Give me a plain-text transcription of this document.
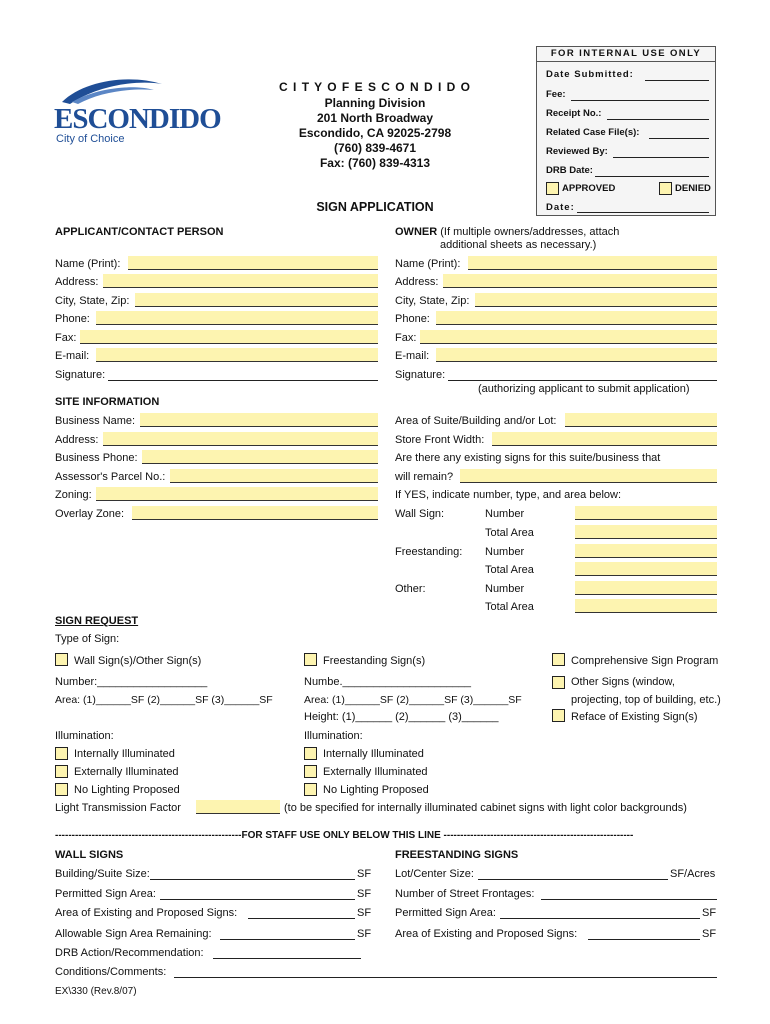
FOR INTERNAL USE ONLY
Date Submitted:
Fee:
Receipt No.:
Related Case File(s):
Reviewed By:
DRB Date:
APPROVED	DENIED
Date:
ESCONDIDO
City of Choice
C I T Y O F E S C O N D I D O
Planning Division
201 North Broadway
Escondido, CA 92025-2798
(760) 839-4671
Fax: (760) 839-4313
SIGN APPLICATION
APPLICANT/CONTACT PERSON	OWNER (If multiple owners/addresses, attach
additional sheets as necessary.)
Name (Print):
Address:
City, State, Zip:
Phone:
Fax:
E-mail:
Signature:
Name (Print):
Address:
City, State, Zip:
Phone:
Fax:
E-mail:
Signature:
(authorizing applicant to submit application)
SITE INFORMATION
Business Name:
Address:
Business Phone:
Assessor's Parcel No.:
Zoning:
Overlay Zone:
Area of Suite/Building and/or Lot:
Store Front Width:
Are there any existing signs for this suite/business that
will remain?
If YES, indicate number, type, and area below:
Wall Sign:	Number
Total Area
Freestanding: Number
Total Area
Other:	Number
Total Area
SIGN REQUEST
Type of Sign:
Wall Sign(s)/Other Sign(s)	Freestanding Sign(s)	Comprehensive Sign Program
Number:__________________
Area: (1)______SF (2)______SF (3)______SF
Numbe._____________________
Area: (1)______SF (2)______SF (3)______SF
Height: (1)______ (2)______ (3)______
Other Signs (window,
projecting, top of building, etc.)
Reface of Existing Sign(s)
Illumination:
Internally Illuminated
Externally Illuminated
No Lighting Proposed
Illumination:
Internally Illuminated
Externally Illuminated
No Lighting Proposed
Light Transmission Factor	(to be specified for internally illuminated cabinet signs with light color backgrounds)
--------------------------------------------------------FOR STAFF USE ONLY BELOW THIS LINE ---------------------------------------------------------
WALL SIGNS
Building/Suite Size:	SF
Permitted Sign Area:	SF
Area of Existing and Proposed Signs:	SF
Allowable Sign Area Remaining:	SF
FREESTANDING SIGNS
Lot/Center Size:	SF/Acres
Number of Street Frontages:
Permitted Sign Area:	SF
Area of Existing and Proposed Signs:	SF
DRB Action/Recommendation:
Conditions/Comments:
EX\330 (Rev.8/07)
